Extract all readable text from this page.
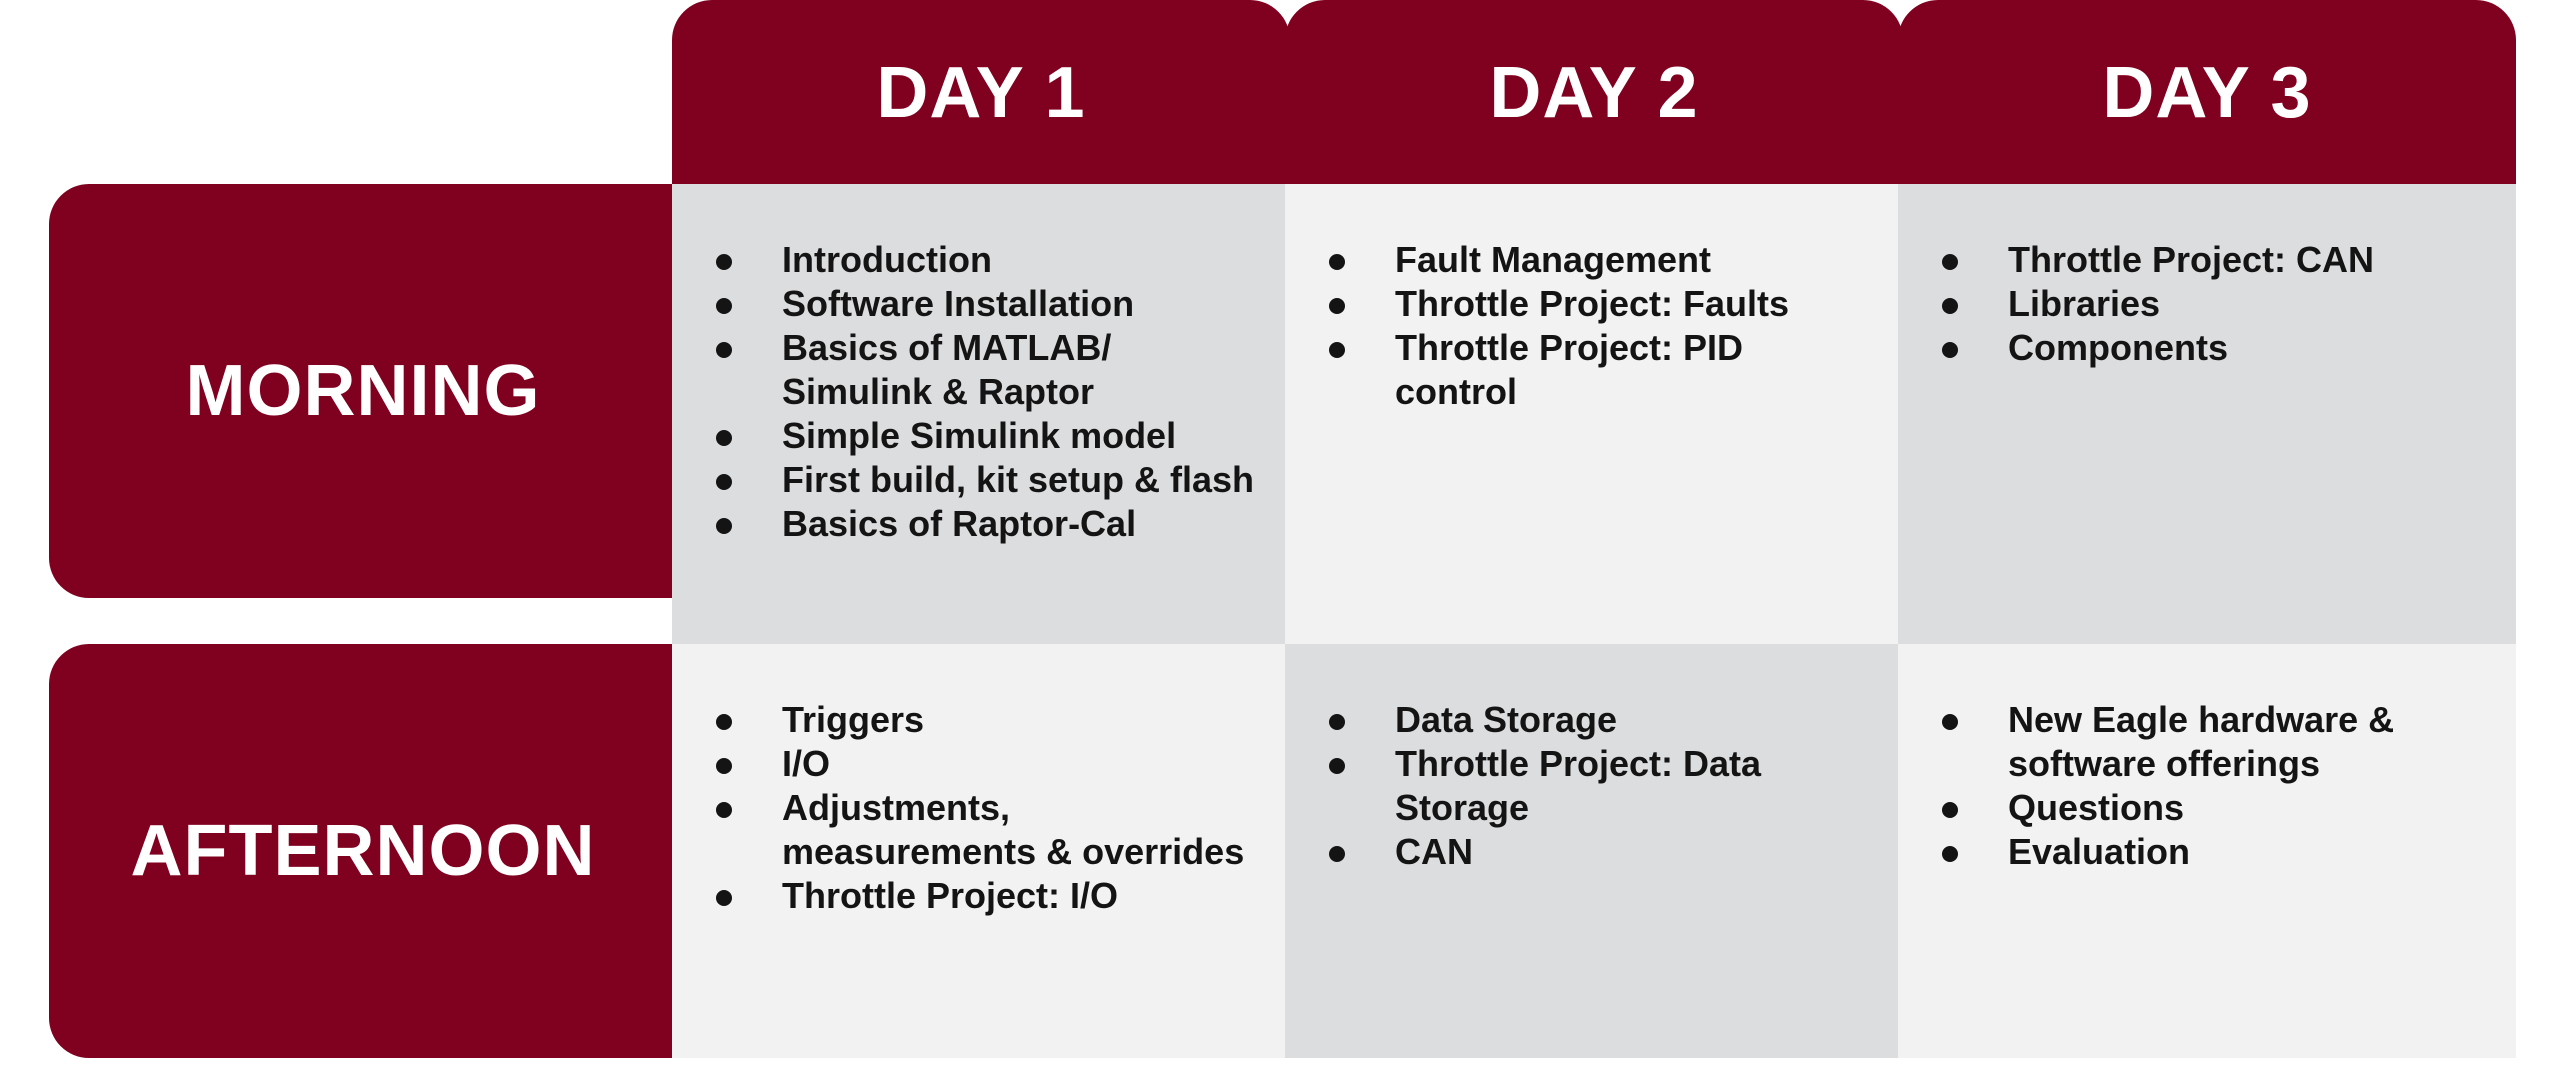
DAY 1	DAY 2	DAY 3
MORNING
AFTERNOON
Introduction
Software Installation
Basics of MATLAB/ Simulink & Raptor
Simple Simulink model
First build, kit setup & flash
Basics of Raptor-Cal
Fault Management
Throttle Project: Faults
Throttle Project: PID control
Throttle Project: CAN
Libraries
Components
Triggers
I/O
Adjustments, measurements & overrides
Throttle Project: I/O
Data Storage
Throttle Project: Data Storage
CAN
New Eagle hardware & software offerings
Questions
Evaluation
